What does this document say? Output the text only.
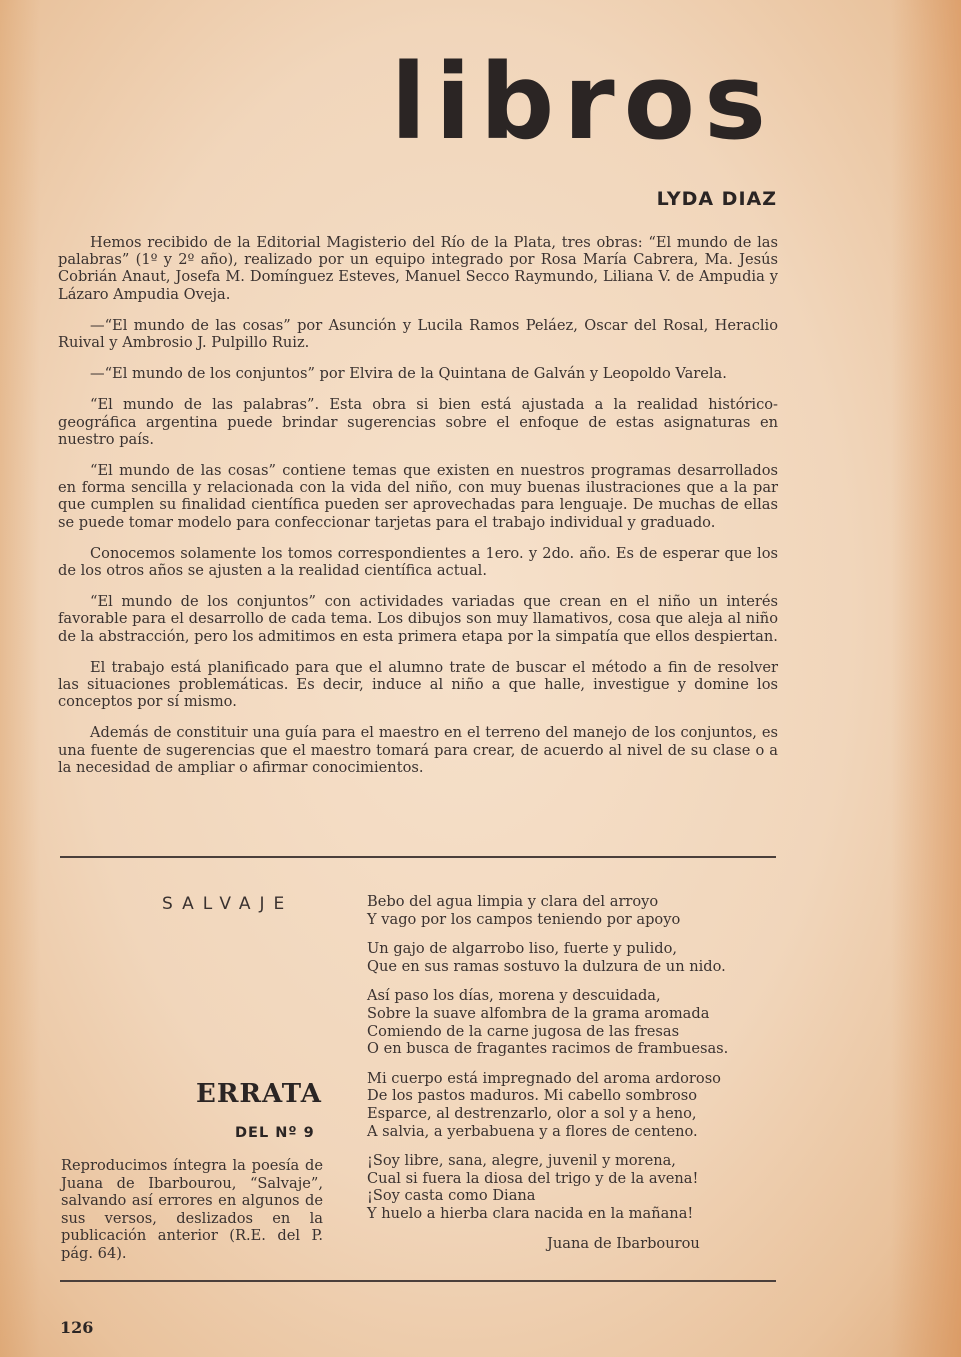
libros
LYDA DIAZ

Hemos recibido de la Editorial Magisterio del Río de la Plata, tres obras: “El mundo de las palabras” (1º y 2º año), realizado por un equipo integrado por Rosa María Cabrera, Ma. Jesús Cobrián Anaut, Josefa M. Domínguez Esteves, Manuel Secco Raymundo, Liliana V. de Ampudia y Lázaro Ampudia Oveja.

—“El mundo de las cosas” por Asunción y Lucila Ramos Peláez, Oscar del Rosal, Heraclio Ruival y Ambrosio J. Pulpillo Ruiz.

—“El mundo de los conjuntos” por Elvira de la Quintana de Galván y Leopoldo Varela.

“El mundo de las palabras”. Esta obra si bien está ajustada a la realidad histórico-geográfica argentina puede brindar sugerencias sobre el enfoque de estas asignaturas en nuestro país.

“El mundo de las cosas” contiene temas que existen en nuestros programas desarrollados en forma sencilla y relacionada con la vida del niño, con muy buenas ilustraciones que a la par que cumplen su finalidad científica pueden ser aprovechadas para lenguaje. De muchas de ellas se puede tomar modelo para confeccionar tarjetas para el trabajo individual y graduado.

Conocemos solamente los tomos correspondientes a 1ero. y 2do. año. Es de esperar que los de los otros años se ajusten a la realidad científica actual.

“El mundo de los conjuntos” con actividades variadas que crean en el niño un interés favorable para el desarrollo de cada tema. Los dibujos son muy llamativos, cosa que aleja al niño de la abstracción, pero los admitimos en esta primera etapa por la simpatía que ellos despiertan.

El trabajo está planificado para que el alumno trate de buscar el método a fin de resolver las situaciones problemáticas. Es decir, induce al niño a que halle, investigue y domine los conceptos por sí mismo.

Además de constituir una guía para el maestro en el terreno del manejo de los conjuntos, es una fuente de sugerencias que el maestro tomará para crear, de acuerdo al nivel de su clase o a la necesidad de ampliar o afirmar conocimientos.

SALVAJE	Bebo del agua limpia y clara del arroyo
Y vago por los campos teniendo por apoyo
Un gajo de algarrobo liso, fuerte y pulido,
Que en sus ramas sostuvo la dulzura de un nido.
Así paso los días, morena y descuidada,
Sobre la suave alfombra de la grama aromada
Comiendo de la carne jugosa de las fresas
O en busca de fragantes racimos de frambuesas.
Mi cuerpo está impregnado del aroma ardoroso
De los pastos maduros. Mi cabello sombroso
Esparce, al destrenzarlo, olor a sol y a heno,
A salvia, a yerbabuena y a flores de centeno.
¡Soy libre, sana, alegre, juvenil y morena,
Cual si fuera la diosa del trigo y de la avena!
¡Soy casta como Diana
Y huelo a hierba clara nacida en la mañana!
Juana de Ibarbourou
ERRATA
DEL Nº 9
Reproducimos íntegra la poesía de Juana de Ibarbourou, “Salvaje”, salvando así errores en algunos de sus versos, deslizados en la publicación anterior (R.E. del P. pág. 64).
126
